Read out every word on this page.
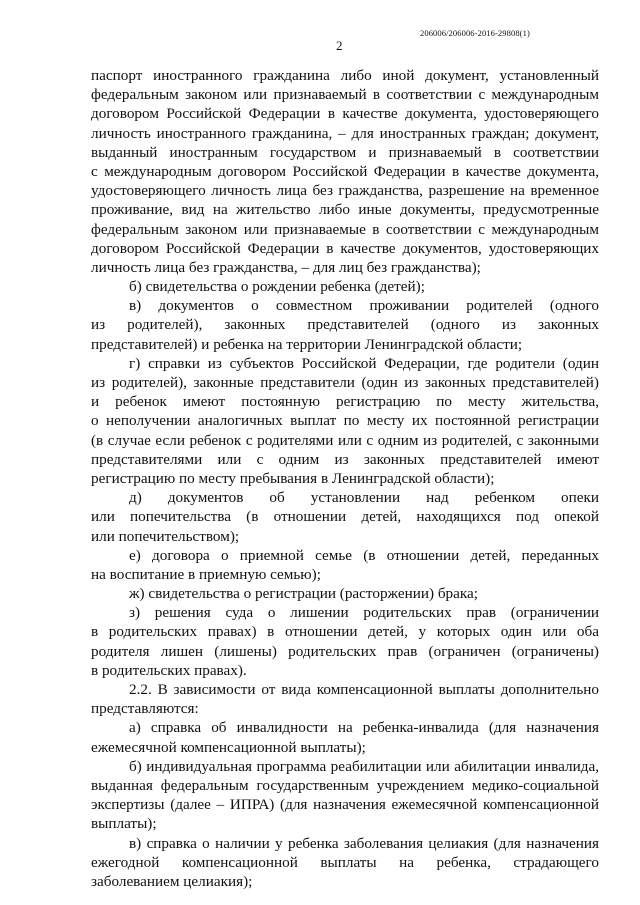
206006/206006-2016-29808(1)
2
паспорт иностранного гражданина либо иной документ, установленный
федеральным законом или признаваемый в соответствии с международным
договором Российской Федерации в качестве документа, удостоверяющего
личность иностранного гражданина, – для иностранных граждан; документ,
выданный иностранным государством и признаваемый в соответствии
с международным договором Российской Федерации в качестве документа,
удостоверяющего личность лица без гражданства, разрешение на временное
проживание, вид на жительство либо иные документы, предусмотренные
федеральным законом или признаваемые в соответствии с международным
договором Российской Федерации в качестве документов, удостоверяющих
личность лица без гражданства, – для лиц без гражданства);
б) свидетельства о рождении ребенка (детей);
в) документов о совместном проживании родителей (одного
из родителей), законных представителей (одного из законных
представителей) и ребенка на территории Ленинградской области;
г) справки из субъектов Российской Федерации, где родители (один
из родителей), законные представители (один из законных представителей)
и ребенок имеют постоянную регистрацию по месту жительства,
о неполучении аналогичных выплат по месту их постоянной регистрации
(в случае если ребенок с родителями или с одним из родителей, с законными
представителями или с одним из законных представителей имеют
регистрацию по месту пребывания в Ленинградской области);
д) документов об установлении над ребенком опеки
или попечительства (в отношении детей, находящихся под опекой
или попечительством);
е) договора о приемной семье (в отношении детей, переданных
на воспитание в приемную семью);
ж) свидетельства о регистрации (расторжении) брака;
з) решения суда о лишении родительских прав (ограничении
в родительских правах) в отношении детей, у которых один или оба
родителя лишен (лишены) родительских прав (ограничен (ограничены)
в родительских правах).
2.2. В зависимости от вида компенсационной выплаты дополнительно
представляются:
а) справка об инвалидности на ребенка-инвалида (для назначения
ежемесячной компенсационной выплаты);
б) индивидуальная программа реабилитации или абилитации инвалида,
выданная федеральным государственным учреждением медико-социальной
экспертизы (далее – ИПРА) (для назначения ежемесячной компенсационной
выплаты);
в) справка о наличии у ребенка заболевания целиакия (для назначения
ежегодной компенсационной выплаты на ребенка, страдающего
заболеванием целиакия);
